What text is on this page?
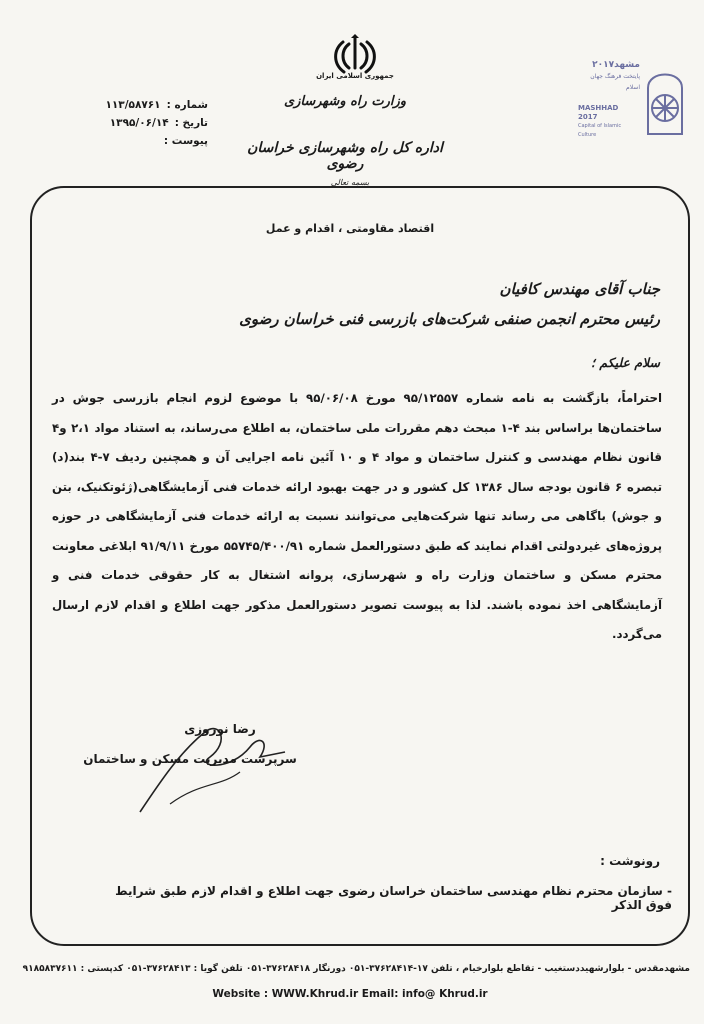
شماره :
۱۱۳/۵۸۷۶۱
تاریخ :
۱۳۹۵/۰۶/۱۴
پیوست :
جمهوری اسلامی ایران
وزارت راه وشهرسازی
اداره کل راه وشهرسازی خراسان رضوی
بسمه تعالی
مشهد۲۰۱۷
پایتخت فرهنگ جهان اسلام
MASHHAD 2017
Capital of Islamic Culture
اقتصاد مقاومتی ، اقدام و عمل
جناب آقای مهندس کافیان
رئیس محترم انجمن صنفی شرکت‌های بازرسی فنی خراسان رضوی
سلام علیکم ؛
احتراماً، بازگشت به نامه شماره ۹۵/۱۲۵۵۷ مورخ ۹۵/۰۶/۰۸ با موضوع لزوم انجام بازرسی جوش در ساختمان‌ها براساس بند ۴-۱ مبحث دهم مقررات ملی ساختمان، به اطلاع می‌رساند، به استناد مواد ۲،۱ و۴ قانون نظام مهندسی و کنترل ساختمان و مواد ۴ و ۱۰ آئین نامه اجرایی آن و همچنین ردیف ۷-۴ بند(د) تبصره ۶ قانون بودجه سال ۱۳۸۶ کل کشور و در جهت بهبود ارائه خدمات فنی آزمایشگاهی(ژئوتکنیک، بتن و جوش) باگاهی می رساند تنها شرکت‌هایی می‌توانند نسبت به ارائه خدمات فنی آزمایشگاهی در حوزه پروژه‌های غیردولتی اقدام نمایند که طبق دستورالعمل شماره ۵۵۷۴۵/۴۰۰/۹۱ مورخ ۹۱/۹/۱۱ ابلاغی معاونت محترم مسکن و ساختمان وزارت راه و شهرسازی، پروانه اشتغال به کار حقوقی خدمات فنی و آزمایشگاهی اخذ نموده باشند. لذا به پیوست تصویر دستورالعمل مذکور جهت اطلاع و اقدام لازم ارسال می‌گردد.
رضا نوروزی
سرپرست مدیریت مسکن و ساختمان
رونوشت :
- سازمان محترم نظام مهندسی ساختمان خراسان رضوی جهت اطلاع و اقدام لازم طبق شرایط فوق الذکر
مشهدمقدس - بلوارشهیددستغیب - تقاطع بلوارخیام ، تلفن ۱۷-۳۷۶۲۸۴۱۴-۰۵۱ دورنگار ۳۷۶۲۸۴۱۸-۰۵۱ تلفن گویا : ۳۷۶۲۸۴۱۳-۰۵۱ کدپستی : ۹۱۸۵۸۳۷۶۱۱
Website : WWW.Khrud.ir Email: info@ Khrud.ir
